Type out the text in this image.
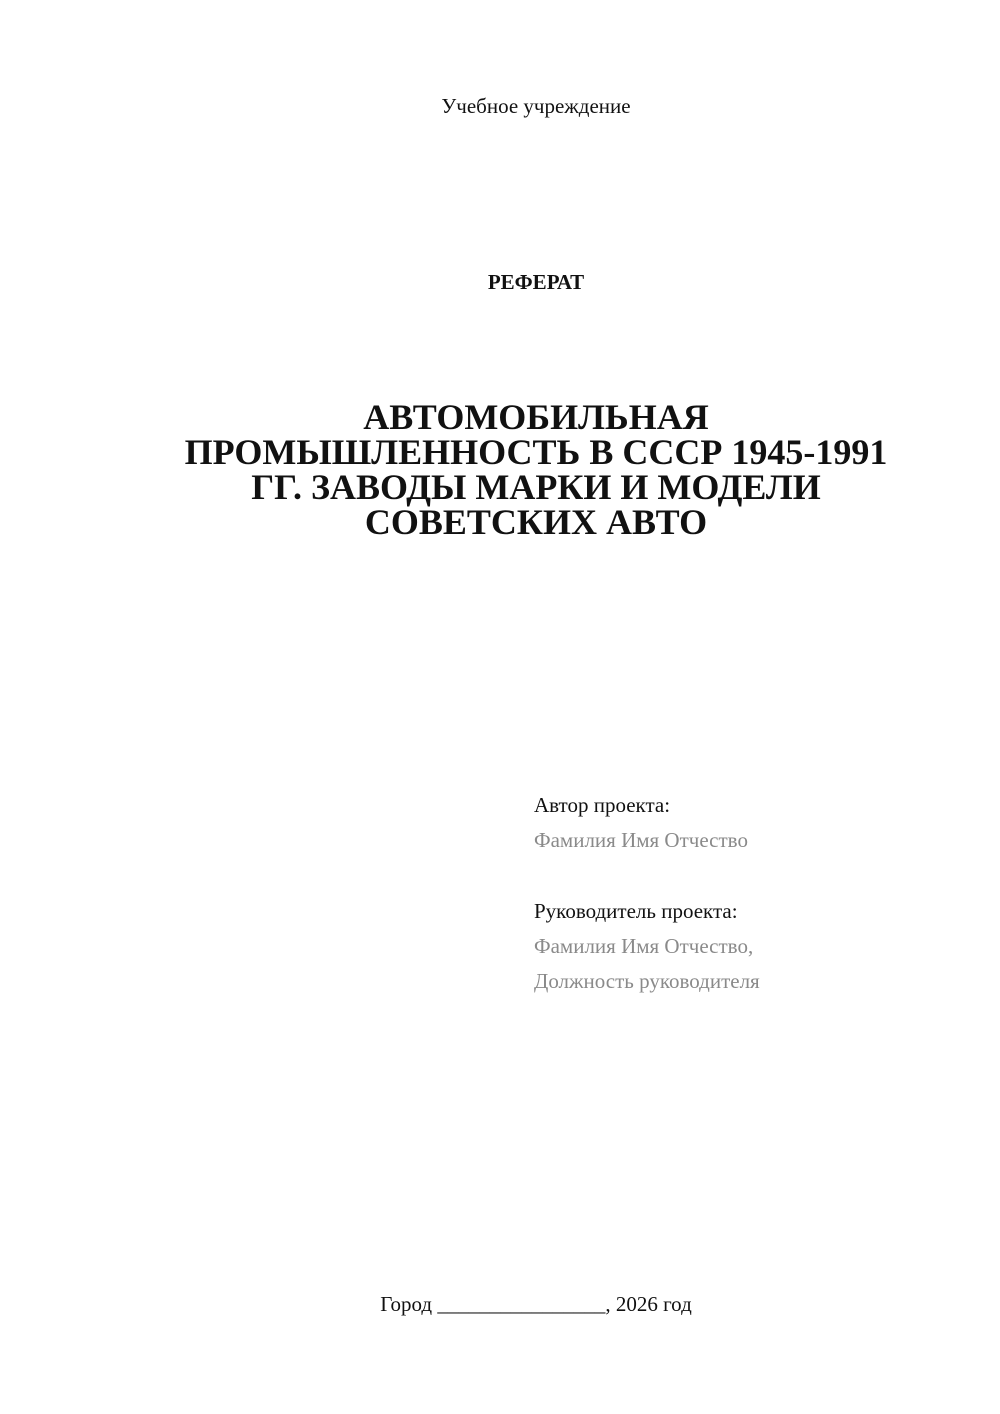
Учебное учреждение
РЕФЕРАТ
АВТОМОБИЛЬНАЯ
ПРОМЫШЛЕННОСТЬ В СССР 1945-1991
ГГ. ЗАВОДЫ МАРКИ И МОДЕЛИ
СОВЕТСКИХ АВТО
Автор проекта:
Фамилия Имя Отчество
Руководитель проекта:
Фамилия Имя Отчество,
Должность руководителя
Город ________________, 2026 год
